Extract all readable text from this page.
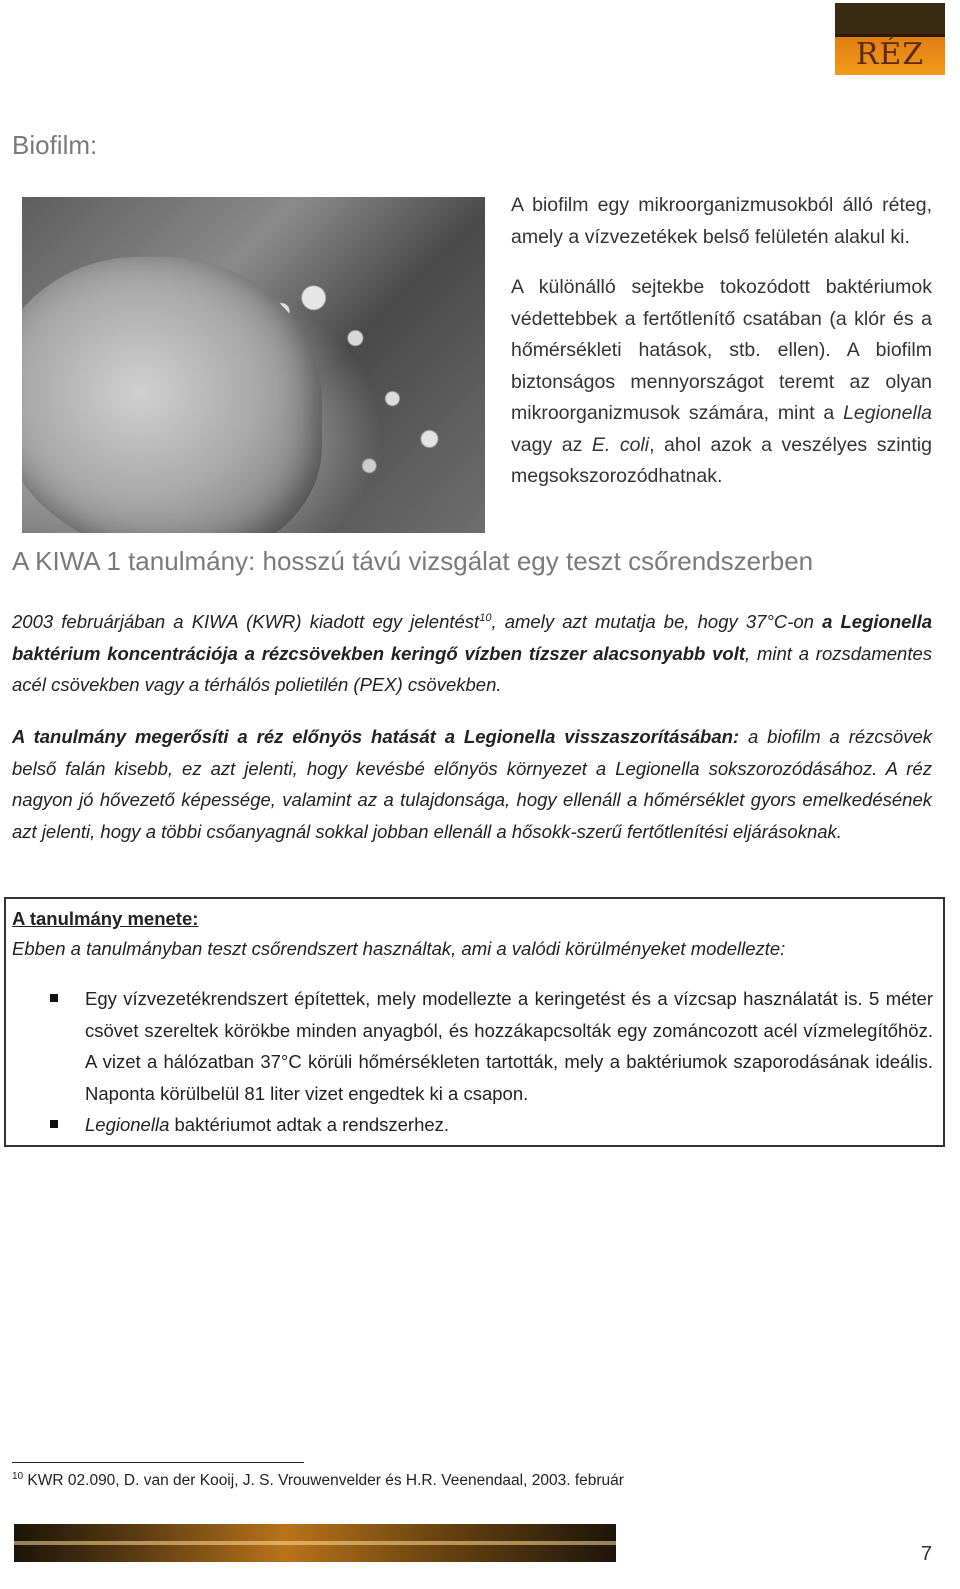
RÉZ
Biofilm:

A biofilm egy mikroorganizmusokból álló réteg, amely a vízvezetékek belső felületén alakul ki.

A különálló sejtekbe tokozódott baktériumok védettebbek a fertőtlenítő csatában (a klór és a hőmérsékleti hatások, stb. ellen). A biofilm biztonságos mennyországot teremt az olyan mikroorganizmusok számára, mint a Legionella vagy az E. coli, ahol azok a veszélyes szintig megsokszorozódhatnak.

A KIWA 1 tanulmány: hosszú távú vizsgálat egy teszt csőrendszerben

2003 februárjában a KIWA (KWR) kiadott egy jelentést$^{10}$, amely azt mutatja be, hogy 37°C-on a Legionella baktérium koncentrációja a rézcsövekben keringő vízben tízszer alacsonyabb volt, mint a rozsdamentes acél csövekben vagy a térhálós polietilén (PEX) csövekben.

A tanulmány megerősíti a réz előnyös hatását a Legionella visszaszorításában: a biofilm a rézcsövek belső falán kisebb, ez azt jelenti, hogy kevésbé előnyös környezet a Legionella sokszorozódásához. A réz nagyon jó hővezető képessége, valamint az a tulajdonsága, hogy ellenáll a hőmérséklet gyors emelkedésének azt jelenti, hogy a többi csőanyagnál sokkal jobban ellenáll a hősokk-szerű fertőtlenítési eljárásoknak.

A tanulmány menete:
Ebben a tanulmányban teszt csőrendszert használtak, ami a valódi körülményeket modellezte:
Egy vízvezetékrendszert építettek, mely modellezte a keringetést és a vízcsap használatát is. 5 méter csövet szereltek körökbe minden anyagból, és hozzákapcsolták egy zománcozott acél vízmelegítőhöz. A vizet a hálózatban 37°C körüli hőmérsékleten tartották, mely a baktériumok szaporodásának ideális. Naponta körülbelül 81 liter vizet engedtek ki a csapon.
Legionella baktériumot adtak a rendszerhez.
$^{10}$ KWR 02.090, D. van der Kooij, J. S. Vrouwenvelder és H.R. Veenendaal, 2003. február
7
